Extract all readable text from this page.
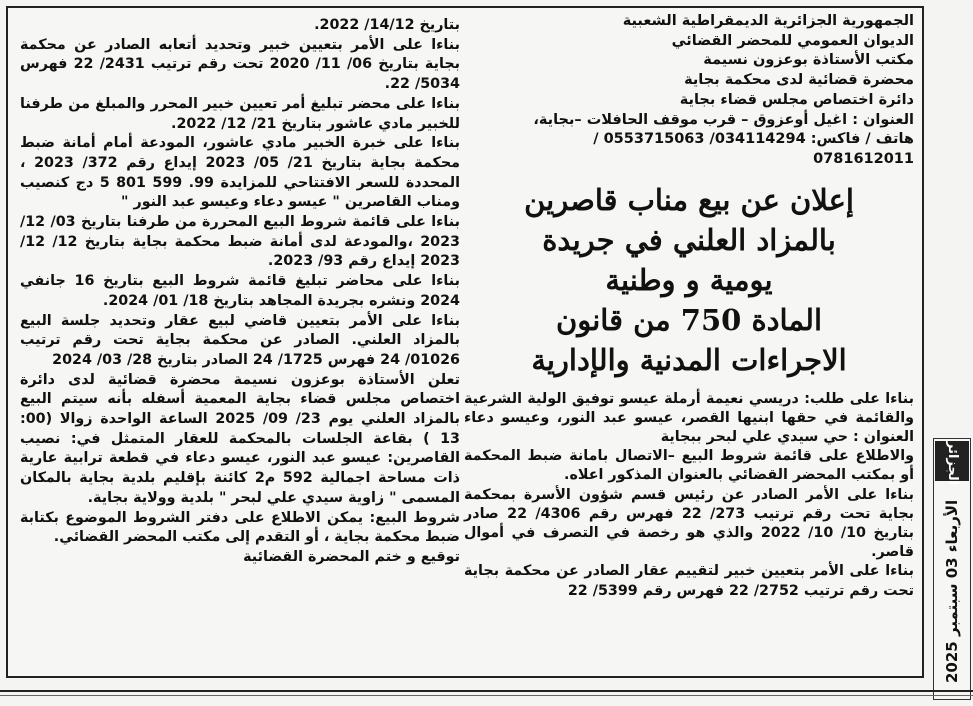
الجمهورية الجزائرية الديمقراطية الشعبية

الديوان العمومي للمحضر القضائي

مكتب الأستاذة بوعزون نسيمة

محضرة قضائية لدى محكمة بجاية

دائرة اختصاص مجلس قضاء بجاية

العنوان : اغيل أوعزوق – قرب موقف الحافلات –بجاية،

هاتف / فاكس: 034114294/ 0553715063 /

0781612011

إعلان عن بيع مناب قاصرين

بالمزاد العلني في جريدة

يومية و وطنية

المادة 750 من قانون

الاجراءات المدنية والإدارية

بناءا على طلب: دريسي نعيمة أرملة عيسو توفيق الولية الشرعية والقائمة في حقها ابنيها القصر، عيسو عبد النور، وعيسو دعاء العنوان : حي سيدي علي لبحر ببجاية

والاطلاع على قائمة شروط البيع –الاتصال بامانة ضبط المحكمة أو بمكتب المحضر القضائي بالعنوان المذكور اعلاه.

بناءا على الأمر الصادر عن رئيس قسم شؤون الأسرة بمحكمة بجاية تحت رقم ترتيب 273/ 22 فهرس رقم 4306/ 22 صادر بتاريخ 10/ 10/ 2022 والذي هو رخصة في التصرف في أموال قاصر.

بناءا على الأمر بتعيين خبير لتقييم عقار الصادر عن محكمة بجاية تحت رقم ترتيب 2752/ 22 فهرس رقم 5399/ 22

بتاريخ 14/12/ 2022.

بناءا على الأمر بتعيين خبير وتحديد أتعابه الصادر عن محكمة بجاية بتاريخ 06/ 11/ 2020 تحت رقم ترتيب 2431/ 22 فهرس 5034/ 22.

بناءا على محضر تبليغ أمر تعيين خبير المحرر والمبلغ من طرفنا للخبير مادي عاشور بتاريخ 21/ 12/ 2022.

بناءا على خبرة الخبير مادي عاشور، المودعة أمام أمانة ضبط محكمة بجاية بتاريخ 21/ 05/ 2023 إيداع رقم 372/ 2023 ، المحددة للسعر الافتتاحي للمزايدة 99. 599 801 5 دج كنصيب ومناب القاصرين " عيسو دعاء وعيسو عبد النور "

بناءا على قائمة شروط البيع المحررة من طرفنا بتاريخ 03/ 12/ 2023 ،والمودعة لدى أمانة ضبط محكمة بجاية بتاريخ 12/ 12/ 2023 إيداع رقم 93/ 2023.

بناءا على محاضر تبليغ قائمة شروط البيع بتاريخ 16 جانفي 2024 ونشره بجريدة المجاهد بتاريخ 18/ 01/ 2024.

بناءا على الأمر بتعيين قاضي لبيع عقار وتحديد جلسة البيع بالمزاد العلني. الصادر عن محكمة بجاية تحت رقم ترتيب 01026/ 24 فهرس 1725/ 24 الصادر بتاريخ 28/ 03/ 2024

تعلن الأستاذة بوعزون نسيمة محضرة قضائية لدى دائرة اختصاص مجلس قضاء بجاية المعمية أسفله بأنه سيتم البيع بالمزاد العلني يوم 23/ 09/ 2025 الساعة الواحدة زوالا (00: 13 ) بقاعة الجلسات بالمحكمة للعقار المتمثل في: نصيب القاصرين: عيسو عبد النور، عيسو دعاء في قطعة ترابية عارية ذات مساحة اجمالية 592 م2 كائنة بإقليم بلدية بجاية بالمكان المسمى " زاوية سيدي علي لبحر " بلدية وولاية بجاية.

شروط البيع: يمكن الاطلاع على دفتر الشروط الموضوع بكتابة ضبط محكمة بجاية ، أو التقدم إلى مكتب المحضر القضائي.

توقيع و ختم المحضرة القضائية

الجزائر
الأربعاء 03 سبتمبر 2025
